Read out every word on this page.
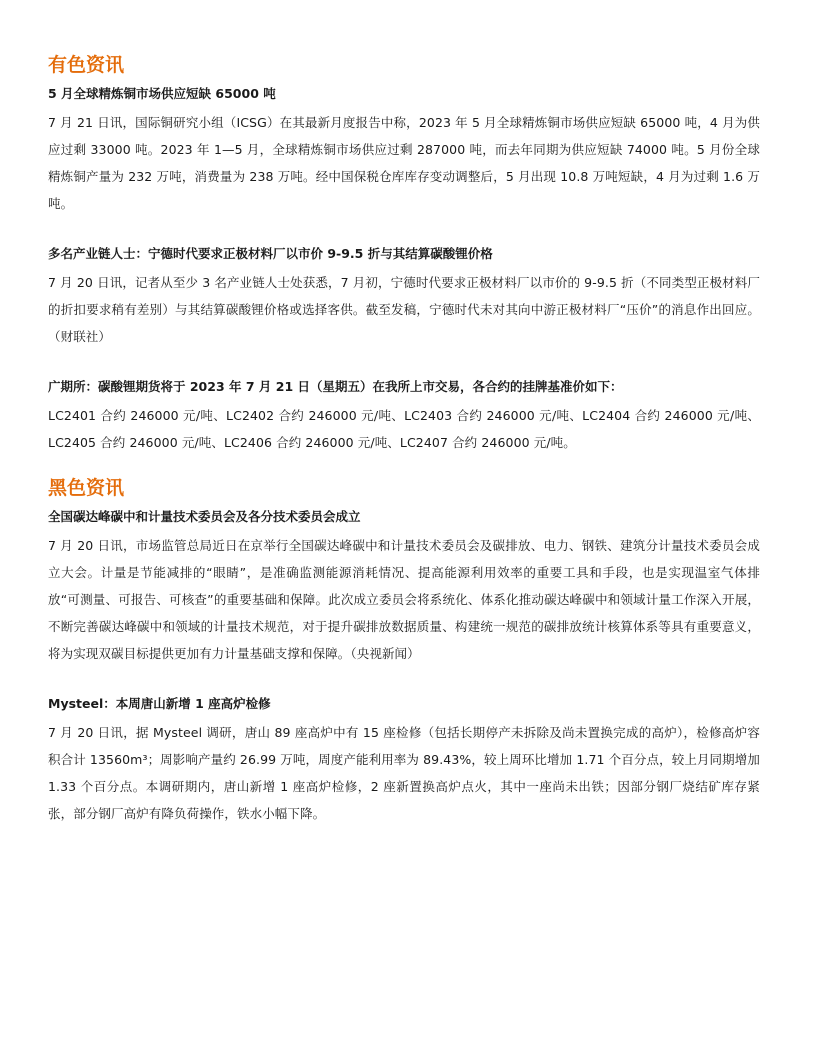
有色资讯
5 月全球精炼铜市场供应短缺 65000 吨

7 月 21 日讯，国际铜研究小组（ICSG）在其最新月度报告中称，2023 年 5 月全球精炼铜市场供应短缺 65000 吨，4 月为供应过剩 33000 吨。2023 年 1—5 月，全球精炼铜市场供应过剩 287000 吨，而去年同期为供应短缺 74000 吨。5 月份全球精炼铜产量为 232 万吨，消费量为 238 万吨。经中国保税仓库库存变动调整后，5 月出现 10.8 万吨短缺，4 月为过剩 1.6 万吨。

多名产业链人士：宁德时代要求正极材料厂以市价 9-9.5 折与其结算碳酸锂价格

7 月 20 日讯，记者从至少 3 名产业链人士处获悉，7 月初，宁德时代要求正极材料厂以市价的 9-9.5 折（不同类型正极材料厂的折扣要求稍有差别）与其结算碳酸锂价格或选择客供。截至发稿，宁德时代未对其向中游正极材料厂“压价”的消息作出回应。（财联社）

广期所：碳酸锂期货将于 2023 年 7 月 21 日（星期五）在我所上市交易，各合约的挂牌基准价如下：

LC2401 合约 246000 元/吨、LC2402 合约 246000 元/吨、LC2403 合约 246000 元/吨、LC2404 合约 246000 元/吨、LC2405 合约 246000 元/吨、LC2406 合约 246000 元/吨、LC2407 合约 246000 元/吨。

黑色资讯
全国碳达峰碳中和计量技术委员会及各分技术委员会成立

7 月 20 日讯，市场监管总局近日在京举行全国碳达峰碳中和计量技术委员会及碳排放、电力、钢铁、建筑分计量技术委员会成立大会。计量是节能减排的“眼睛”，是准确监测能源消耗情况、提高能源利用效率的重要工具和手段，也是实现温室气体排放“可测量、可报告、可核查”的重要基础和保障。此次成立委员会将系统化、体系化推动碳达峰碳中和领域计量工作深入开展，不断完善碳达峰碳中和领域的计量技术规范，对于提升碳排放数据质量、构建统一规范的碳排放统计核算体系等具有重要意义，将为实现双碳目标提供更加有力计量基础支撑和保障。（央视新闻）

Mysteel：本周唐山新增 1 座高炉检修

7 月 20 日讯，据 Mysteel 调研，唐山 89 座高炉中有 15 座检修（包括长期停产未拆除及尚未置换完成的高炉），检修高炉容积合计 13560m³；周影响产量约 26.99 万吨，周度产能利用率为 89.43%，较上周环比增加 1.71 个百分点，较上月同期增加 1.33 个百分点。本调研期内，唐山新增 1 座高炉检修，2 座新置换高炉点火，其中一座尚未出铁；因部分钢厂烧结矿库存紧张，部分钢厂高炉有降负荷操作，铁水小幅下降。
